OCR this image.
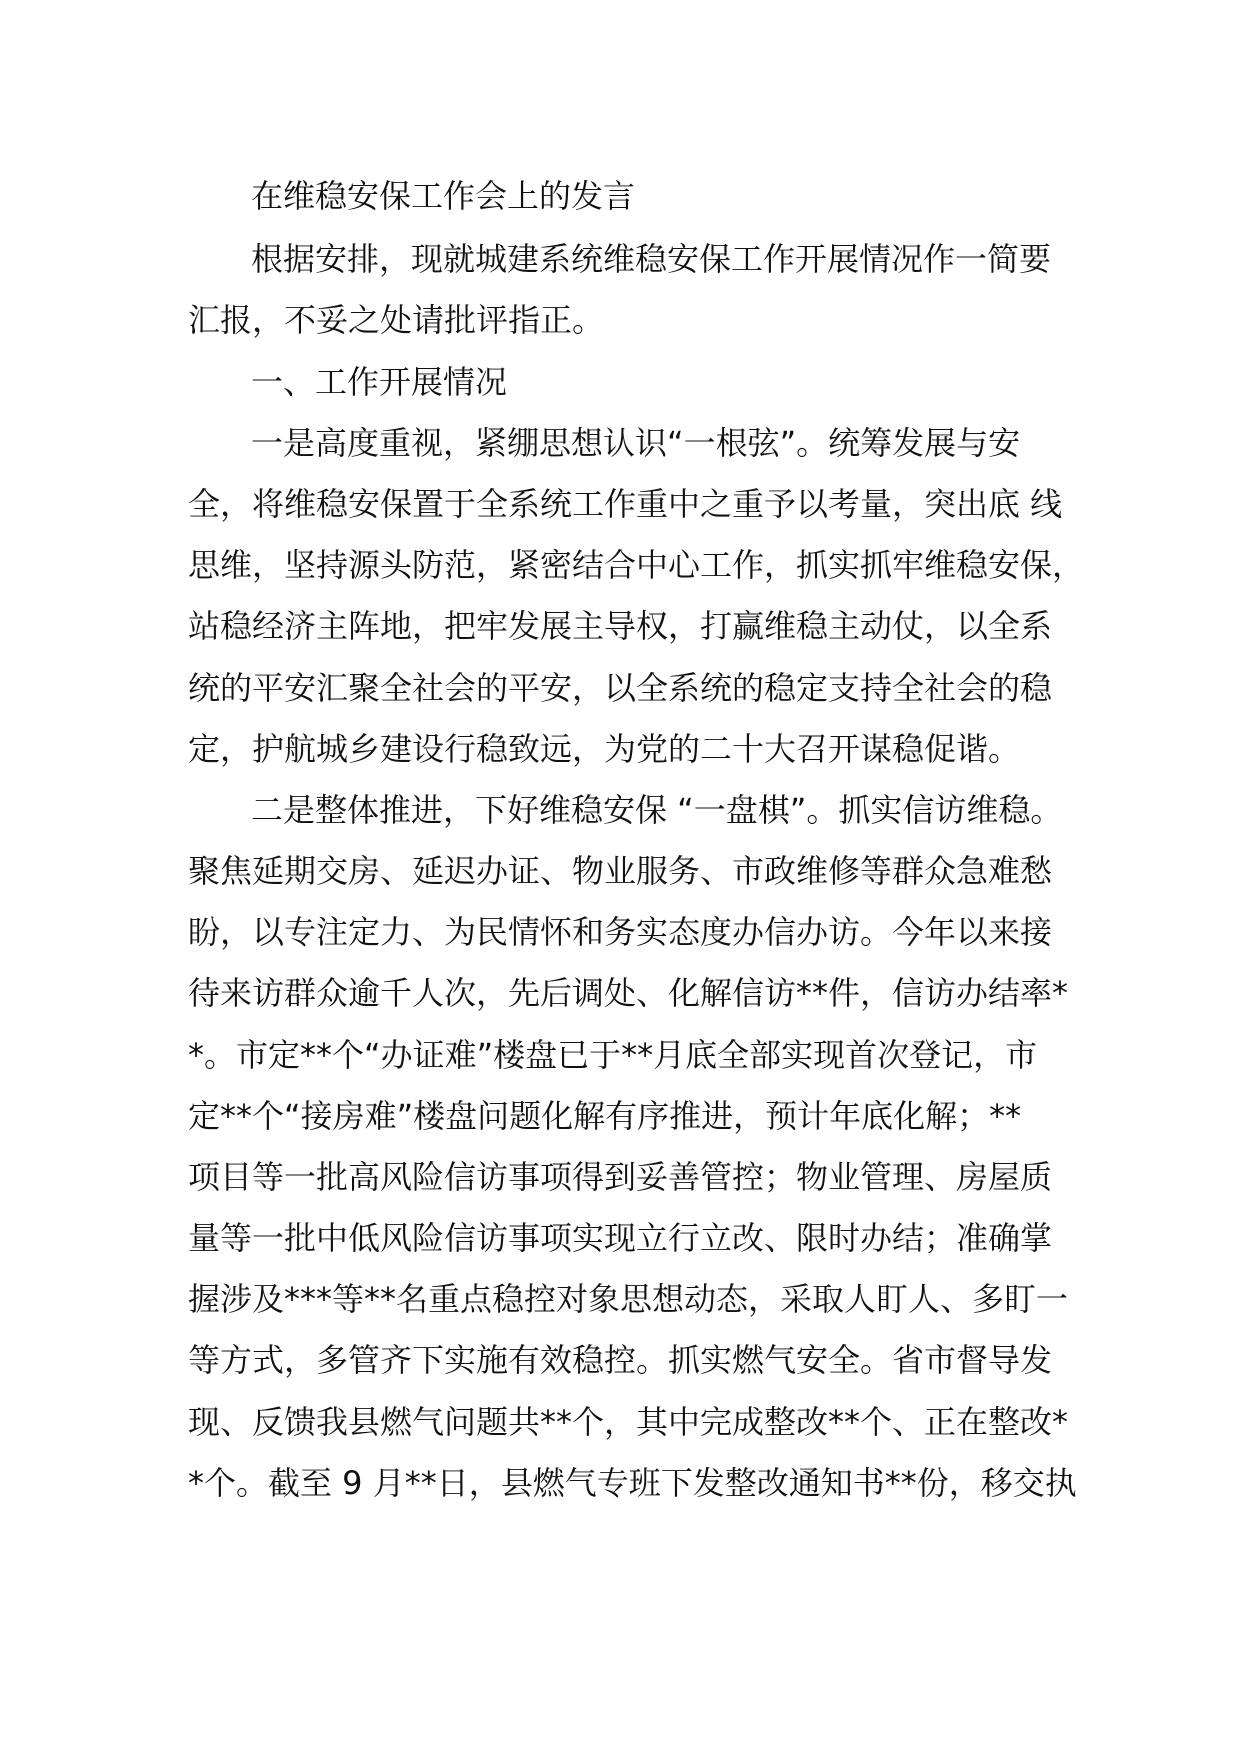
在维稳安保工作会上的发言
根据安排，现就城建系统维稳安保工作开展情况作一简要
汇报，不妥之处请批评指正。
一、工作开展情况
一是高度重视，紧绷思想认识“一根弦”。统筹发展与安
全，将维稳安保置于全系统工作重中之重予以考量，突出底 线
思维，坚持源头防范，紧密结合中心工作，抓实抓牢维稳安保，
站稳经济主阵地，把牢发展主导权，打赢维稳主动仗，以全系
统的平安汇聚全社会的平安，以全系统的稳定支持全社会的稳
定，护航城乡建设行稳致远，为党的二十大召开谋稳促谐。
二是整体推进，下好维稳安保 “一盘棋”。抓实信访维稳。
聚焦延期交房、延迟办证、物业服务、市政维修等群众急难愁
盼，以专注定力、为民情怀和务实态度办信办访。今年以来接
待来访群众逾千人次，先后调处、化解信访**件，信访办结率*
*。市定**个“办证难”楼盘已于**月底全部实现首次登记，市
定**个“接房难”楼盘问题化解有序推进，预计年底化解；**
项目等一批高风险信访事项得到妥善管控；物业管理、房屋质
量等一批中低风险信访事项实现立行立改、限时办结；准确掌
握涉及***等**名重点稳控对象思想动态，采取人盯人、多盯一
等方式，多管齐下实施有效稳控。抓实燃气安全。省市督导发
现、反馈我县燃气问题共**个，其中完成整改**个、正在整改*
*个。截至 9 月**日，县燃气专班下发整改通知书**份，移交执
